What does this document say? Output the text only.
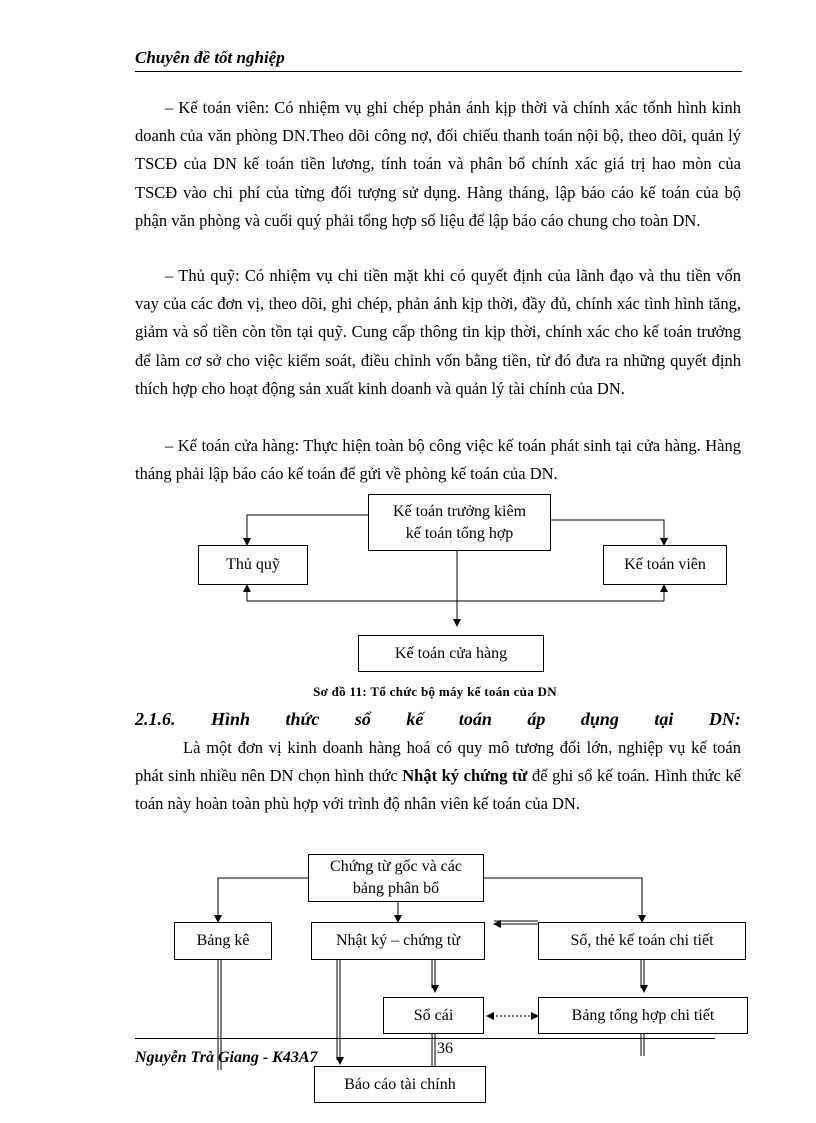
Chuyên đề tốt nghiệp
– Kế toán viên: Có nhiệm vụ ghi chép phản ánh kịp thời và chính xác tốnh hình kinh doanh của văn phòng DN.Theo dõi công nợ, đối chiếu thanh toán nội bộ, theo dõi, quản lý TSCĐ của DN kế toán tiền lương, tính toán và phân bổ chính xác giá trị hao mòn của TSCĐ vào chi phí của từng đối tượng sử dụng. Hàng tháng, lập báo cáo kế toán của bộ phận văn phòng và cuối quý phải tổng hợp số liệu để lập báo cáo chung cho toàn DN.
– Thủ quỹ: Có nhiệm vụ chi tiền mặt khi có quyết định của lãnh đạo và thu tiền vốn vay của các đơn vị, theo dõi, ghi chép, phản ánh kịp thời, đầy đủ, chính xác tình hình tăng, giảm và số tiền còn tồn tại quỹ. Cung cấp thông tin kịp thời, chính xác cho kế toán trưởng để làm cơ sở cho việc kiểm soát, điều chỉnh vốn bằng tiền, từ đó đưa ra những quyết định thích hợp cho hoạt động sản xuất kinh doanh và quản lý tài chính của DN.
– Kế toán cửa hàng: Thực hiện toàn bộ công việc kế toán phát sinh tại cửa hàng. Hàng tháng phải lập báo cáo kế toán để gửi về phòng kế toán của DN.
Kế toán trưởng kiêm
kế toán tổng hợp
Thủ quỹ	Kế toán viên
Kế toán cửa hàng
Sơ đồ 11: Tổ chức bộ máy kế toán của DN
2.1.6. Hình thức sổ kế toán áp dụng tại DN:
Là một đơn vị kinh doanh hàng hoá có quy mô tương đối lớn, nghiệp vụ kế toán phát sinh nhiều nên DN chọn hình thức Nhật ký chứng từ để ghi sổ kế toán. Hình thức kế toán này hoàn toàn phù hợp với trình độ nhân viên kế toán của DN.
Chứng từ gốc và các
bảng phân bổ
Bảng kê	Nhật ký – chứng từ	Sổ, thẻ kế toán chi tiết
Sổ cái	Bảng tổng hợp chi tiết
Nguyễn Trà Giang - K43A7
36
Báo cáo tài chính
